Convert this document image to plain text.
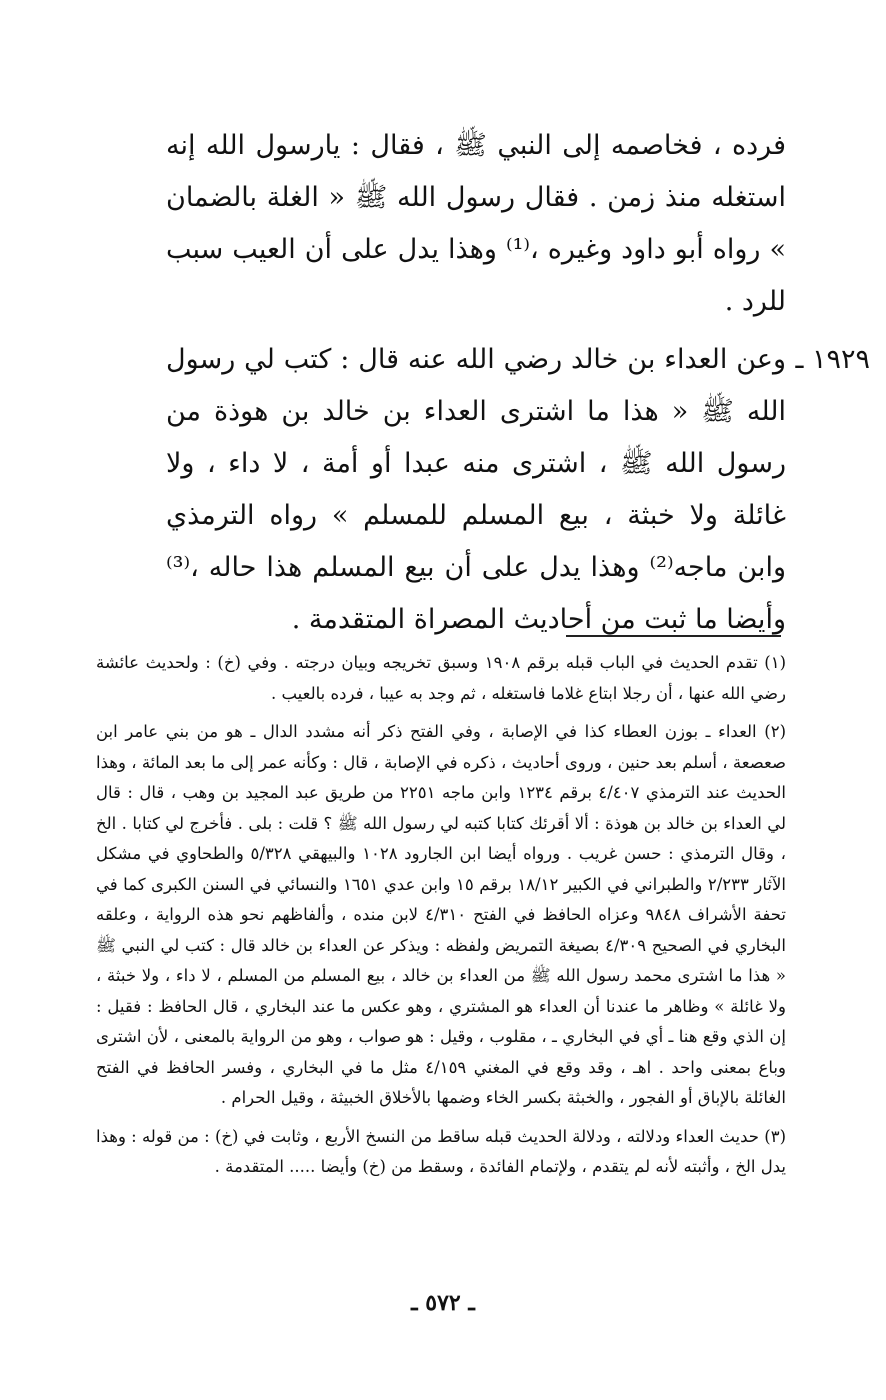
فرده ، فخاصمه إلى النبي ﷺ ، فقال : يارسول الله إنه استغله منذ زمن . فقال رسول الله ﷺ « الغلة بالضمان » رواه أبو داود وغيره ،⁽¹⁾ وهذا يدل على أن العيب سبب للرد .

١٩٢٩ ـ

وعن العداء بن خالد رضي الله عنه قال : كتب لي رسول الله ﷺ « هذا ما اشترى العداء بن خالد بن هوذة من رسول الله ﷺ ، اشترى منه عبدا أو أمة ، لا داء ، ولا غائلة ولا خبثة ، بيع المسلم للمسلم » رواه الترمذي وابن ماجه⁽²⁾ وهذا يدل على أن بيع المسلم هذا حاله ،⁽³⁾ وأيضا ما ثبت من أحاديث المصراة المتقدمة .

(١) تقدم الحديث في الباب قبله برقم ١٩٠٨ وسبق تخريجه وبيان درجته . وفي (خ) : ولحديث عائشة رضي الله عنها ، أن رجلا ابتاع غلاما فاستغله ، ثم وجد به عيبا ، فرده بالعيب .

(٢) العداء ـ بوزن العطاء كذا في الإصابة ، وفي الفتح ذكر أنه مشدد الدال ـ هو من بني عامر ابن صعصعة ، أسلم بعد حنين ، وروى أحاديث ، ذكره في الإصابة ، قال : وكأنه عمر إلى ما بعد المائة ، وهذا الحديث عند الترمذي ٤/٤٠٧ برقم ١٢٣٤ وابن ماجه ٢٢٥١ من طريق عبد المجيد بن وهب ، قال : قال لي العداء بن خالد بن هوذة : ألا أقرئك كتابا كتبه لي رسول الله ﷺ ؟ قلت : بلى . فأخرج لي كتابا . الخ ، وقال الترمذي : حسن غريب . ورواه أيضا ابن الجارود ١٠٢٨ والبيهقي ٥/٣٢٨ والطحاوي في مشكل الآثار ٢/٢٣٣ والطبراني في الكبير ١٨/١٢ برقم ١٥ وابن عدي ١٦٥١ والنسائي في السنن الكبرى كما في تحفة الأشراف ٩٨٤٨ وعزاه الحافظ في الفتح ٤/٣١٠ لابن منده ، وألفاظهم نحو هذه الرواية ، وعلقه البخاري في الصحيح ٤/٣٠٩ بصيغة التمريض ولفظه : ويذكر عن العداء بن خالد قال : كتب لي النبي ﷺ « هذا ما اشترى محمد رسول الله ﷺ من العداء بن خالد ، بيع المسلم من المسلم ، لا داء ، ولا خبثة ، ولا غائلة » وظاهر ما عندنا أن العداء هو المشتري ، وهو عكس ما عند البخاري ، قال الحافظ : فقيل : إن الذي وقع هنا ـ أي في البخاري ـ ، مقلوب ، وقيل : هو صواب ، وهو من الرواية بالمعنى ، لأن اشترى وباع بمعنى واحد . اهـ ، وقد وقع في المغني ٤/١٥٩ مثل ما في البخاري ، وفسر الحافظ في الفتح الغائلة بالإباق أو الفجور ، والخبثة بكسر الخاء وضمها بالأخلاق الخبيثة ، وقيل الحرام .

(٣) حديث العداء ودلالته ، ودلالة الحديث قبله ساقط من النسخ الأربع ، وثابت في (خ) : من قوله : وهذا يدل الخ ، وأثبته لأنه لم يتقدم ، ولإتمام الفائدة ، وسقط من (خ) وأيضا ..... المتقدمة .

ـ ٥٧٢ ـ
